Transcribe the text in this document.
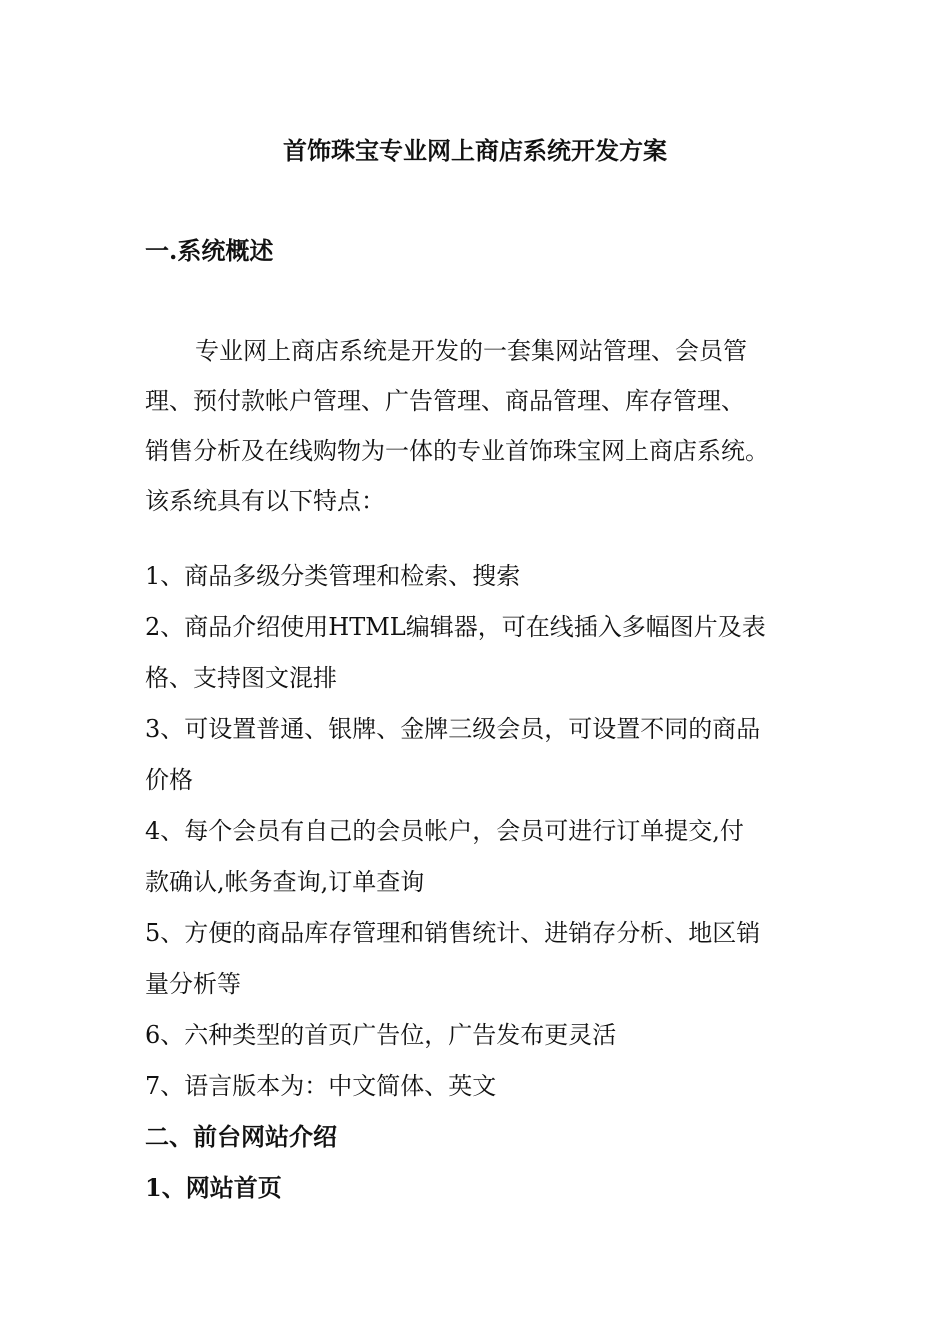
首饰珠宝专业网上商店系统开发方案
一.系统概述
专业网上商店系统是开发的一套集网站管理、会员管
理、预付款帐户管理、广告管理、商品管理、库存管理、
销售分析及在线购物为一体的专业首饰珠宝网上商店系统。
该系统具有以下特点：
1、商品多级分类管理和检索、搜索
2、商品介绍使用HTML编辑器，可在线插入多幅图片及表
格、支持图文混排
3、可设置普通、银牌、金牌三级会员，可设置不同的商品
价格
4、每个会员有自己的会员帐户，会员可进行订单提交,付
款确认,帐务查询,订单查询
5、方便的商品库存管理和销售统计、进销存分析、地区销
量分析等
6、六种类型的首页广告位，广告发布更灵活
7、语言版本为：中文简体、英文
二、前台网站介绍
1、网站首页
